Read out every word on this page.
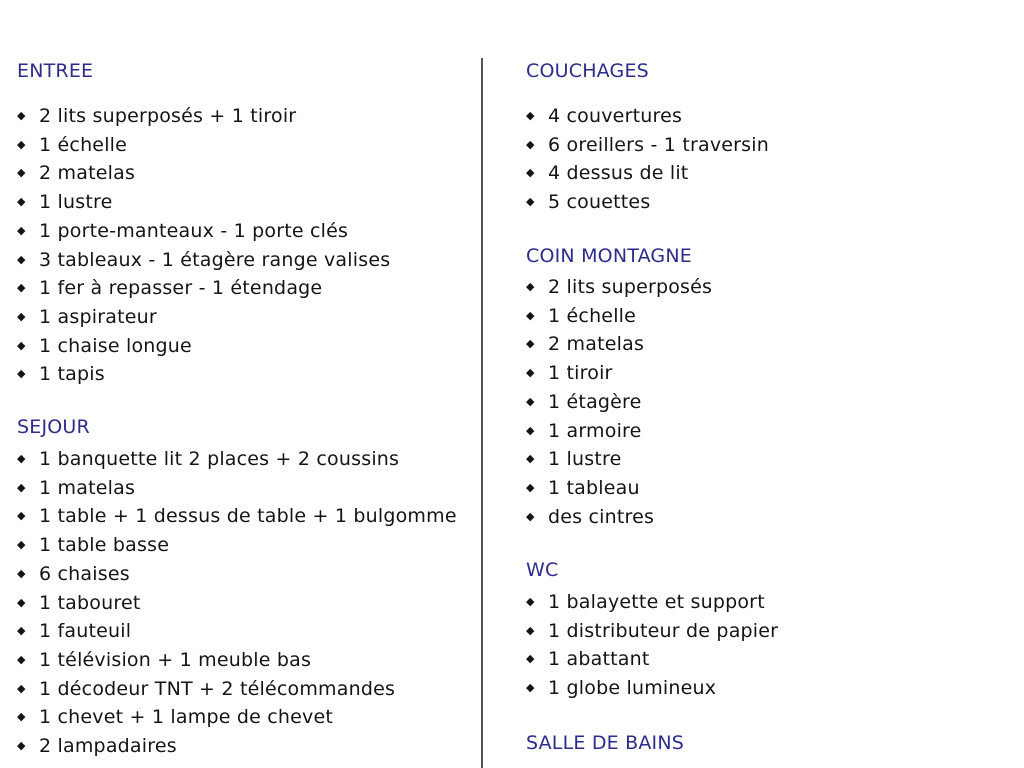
ENTREE
◆ 2 lits superposés + 1 tiroir
◆ 1 échelle
◆ 2 matelas
◆ 1 lustre
◆ 1 porte-manteaux - 1 porte clés
◆ 3 tableaux - 1 étagère range valises
◆ 1 fer à repasser - 1 étendage
◆ 1 aspirateur
◆ 1 chaise longue
◆ 1 tapis
SEJOUR
◆ 1 banquette lit 2 places + 2 coussins
◆ 1 matelas
◆ 1 table + 1 dessus de table + 1 bulgomme
◆ 1 table basse
◆ 6 chaises
◆ 1 tabouret
◆ 1 fauteuil
◆ 1 télévision + 1 meuble bas
◆ 1 décodeur TNT + 2 télécommandes
◆ 1 chevet + 1 lampe de chevet
◆ 2 lampadaires
COUCHAGES
◆ 4 couvertures
◆ 6 oreillers - 1 traversin
◆ 4 dessus de lit
◆ 5 couettes
COIN MONTAGNE
◆ 2 lits superposés
◆ 1 échelle
◆ 2 matelas
◆ 1 tiroir
◆ 1 étagère
◆ 1 armoire
◆ 1 lustre
◆ 1 tableau
◆ des cintres
WC
◆ 1 balayette et support
◆ 1 distributeur de papier
◆ 1 abattant
◆ 1 globe lumineux
SALLE DE BAINS
